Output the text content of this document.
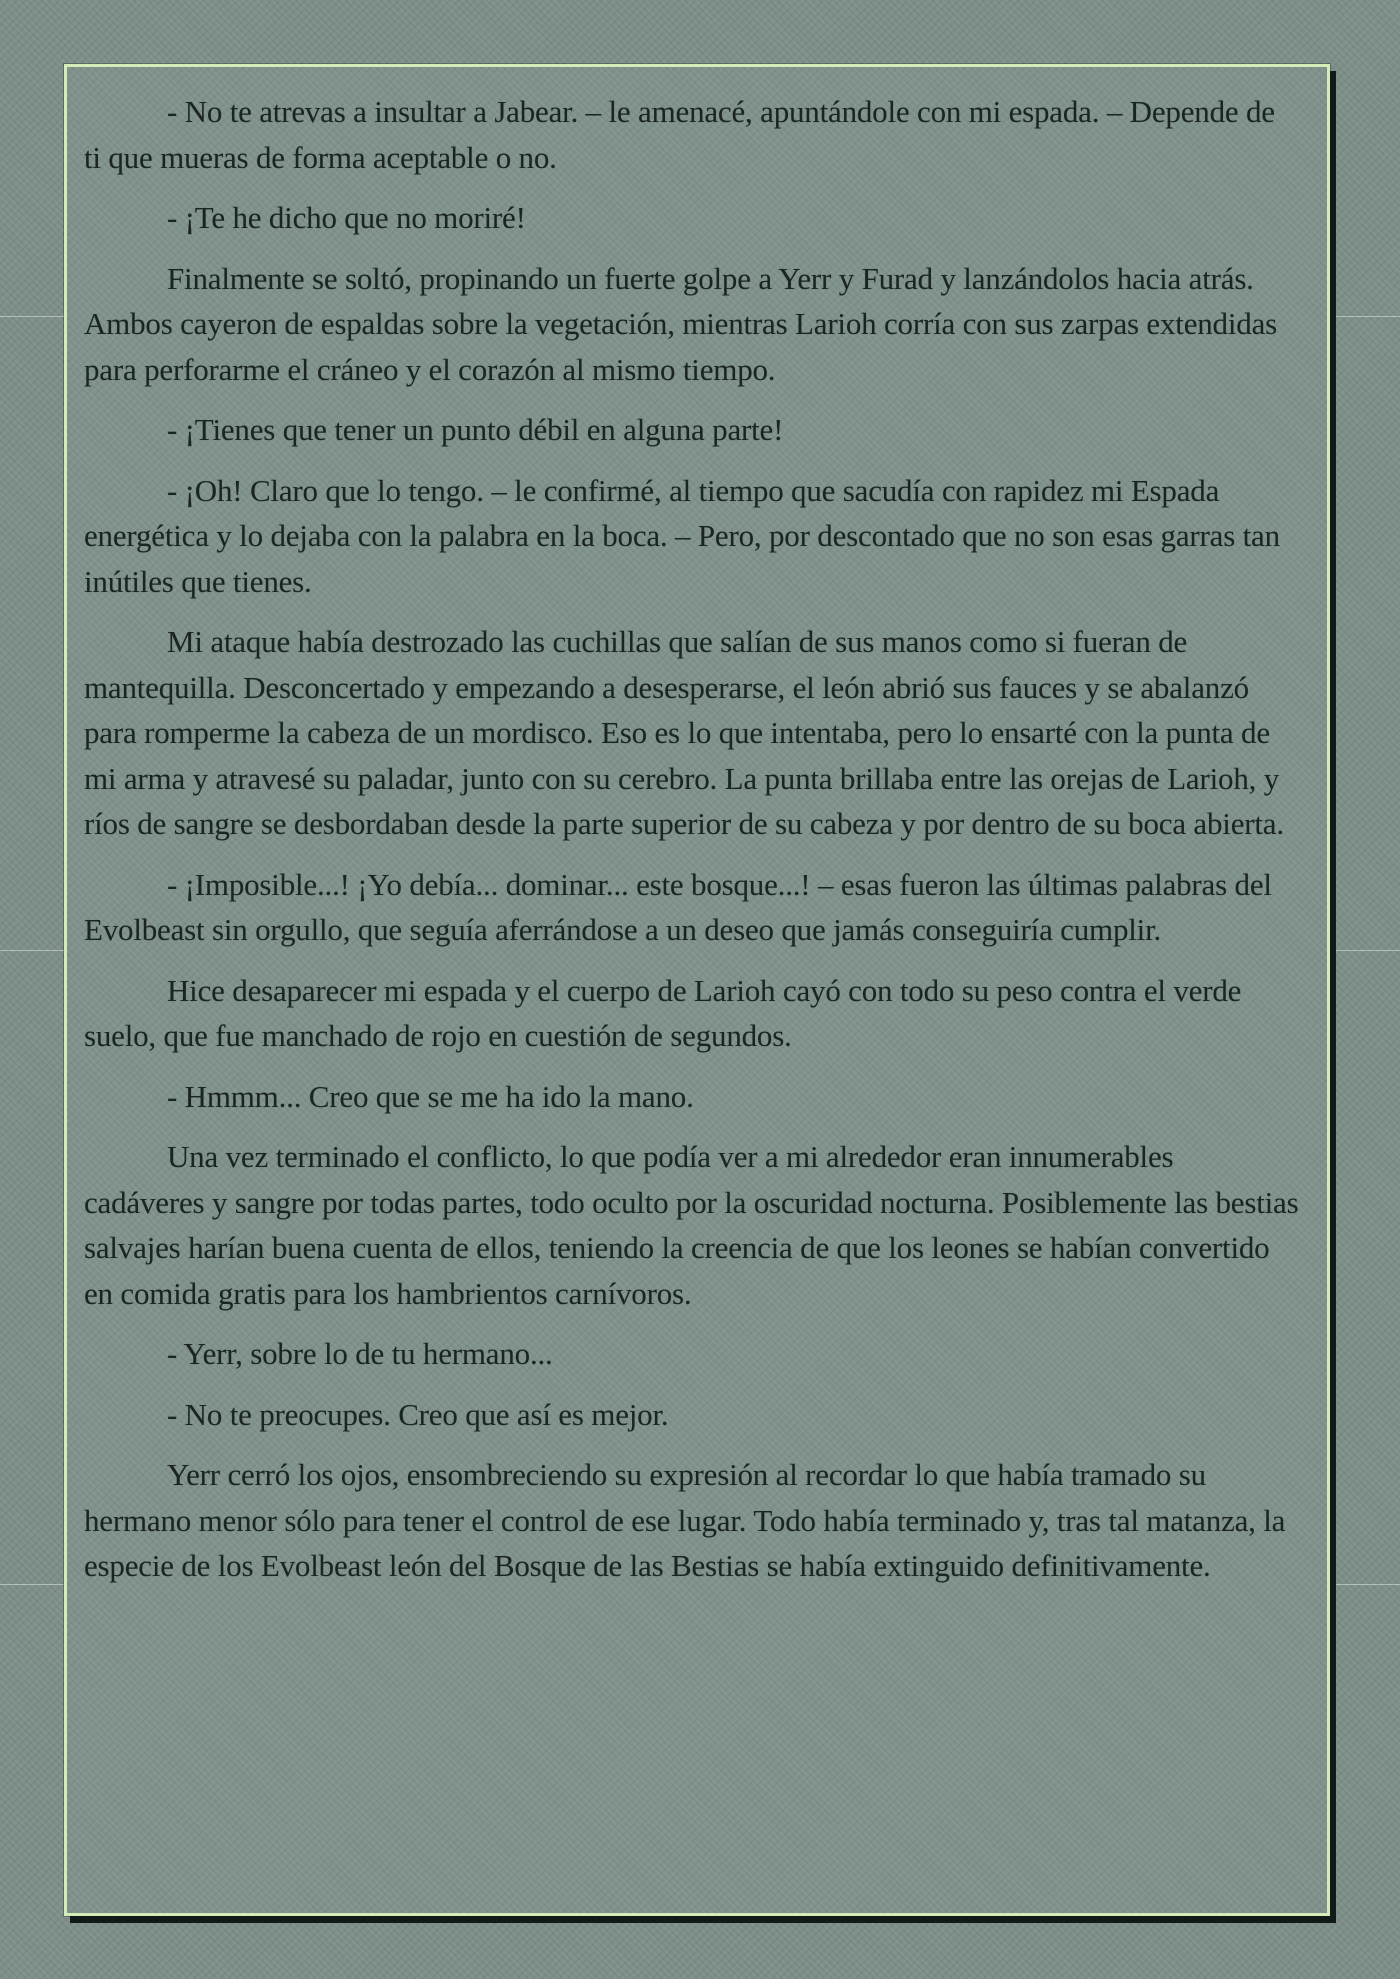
- No te atrevas a insultar a Jabear. – le amenacé, apuntándole con mi espada. – Depende de ti que mueras de forma aceptable o no.

- ¡Te he dicho que no moriré!

Finalmente se soltó, propinando un fuerte golpe a Yerr y Furad y lanzándolos hacia atrás. Ambos cayeron de espaldas sobre la vegetación, mientras Larioh corría con sus zarpas extendidas para perforarme el cráneo y el corazón al mismo tiempo.

- ¡Tienes que tener un punto débil en alguna parte!

- ¡Oh! Claro que lo tengo. – le confirmé, al tiempo que sacudía con rapidez mi Espada energética y lo dejaba con la palabra en la boca. – Pero, por descontado que no son esas garras tan inútiles que tienes.

Mi ataque había destrozado las cuchillas que salían de sus manos como si fueran de mantequilla. Desconcertado y empezando a desesperarse, el león abrió sus fauces y se abalanzó para romperme la cabeza de un mordisco. Eso es lo que intentaba, pero lo ensarté con la punta de mi arma y atravesé su paladar, junto con su cerebro. La punta brillaba entre las orejas de Larioh, y ríos de sangre se desbordaban desde la parte superior de su cabeza y por dentro de su boca abierta.

- ¡Imposible...! ¡Yo debía... dominar... este bosque...! – esas fueron las últimas palabras del Evolbeast sin orgullo, que seguía aferrándose a un deseo que jamás conseguiría cumplir.

Hice desaparecer mi espada y el cuerpo de Larioh cayó con todo su peso contra el verde suelo, que fue manchado de rojo en cuestión de segundos.

- Hmmm... Creo que se me ha ido la mano.

Una vez terminado el conflicto, lo que podía ver a mi alrededor eran innumerables cadáveres y sangre por todas partes, todo oculto por la oscuridad nocturna. Posiblemente las bestias salvajes harían buena cuenta de ellos, teniendo la creencia de que los leones se habían convertido en comida gratis para los hambrientos carnívoros.

- Yerr, sobre lo de tu hermano...

- No te preocupes. Creo que así es mejor.

Yerr cerró los ojos, ensombreciendo su expresión al recordar lo que había tramado su hermano menor sólo para tener el control de ese lugar. Todo había terminado y, tras tal matanza, la especie de los Evolbeast león del Bosque de las Bestias se había extinguido definitivamente.
